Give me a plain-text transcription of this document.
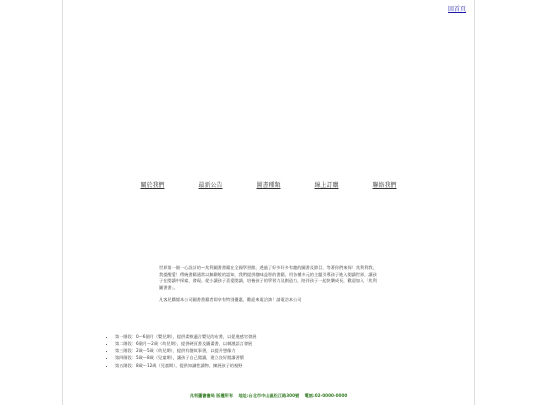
回首頁
關於我們	最新公告	圖書種類	線上訂購	聯絡我們

世界第一個一心設計的—兆利圖書書籍在全國學習館，透過了好多好多有趣的圖書及節目，等著你們來探！兆利利我，我提醒愛！傳統書籍通常以無聊般的認知，我們提供趣味益智的書籍，用各種多元的主題引導孩子進入閱讀世界，讓孩子在閱讀中探索、發現。從小讓孩子喜愛閱讀，培養孩子的學習力及創造力，陪伴孩子一起快樂成長，歡迎加入「兆利圖書書」。

凡客兒購閱本公司圖書書籍者即享有特別優惠，歡迎來電洽詢！請電洽本公司

• 第一階段：0～6個月（嬰兒期），提供柔軟適合嬰兒的布書，以促進感官發展
• 第二階段：6個月～2歲（幼兒期），提供硬頁書及圖畫書，以刺激語言發展
• 第三階段：2歲～5歲（幼兒期），提供有趣故事書，以提升想像力
• 第四階段：5歲～8歲（兒童期），讓孩子自己閱讀，建立良好閱讀習慣
• 第五階段：8歲～12歲（兒童期），提供知識性讀物，擴展孩子的視野
兆利圖書書局 版權所有 地址:台北市中山區松江路300號 電話:02-0000-0000
